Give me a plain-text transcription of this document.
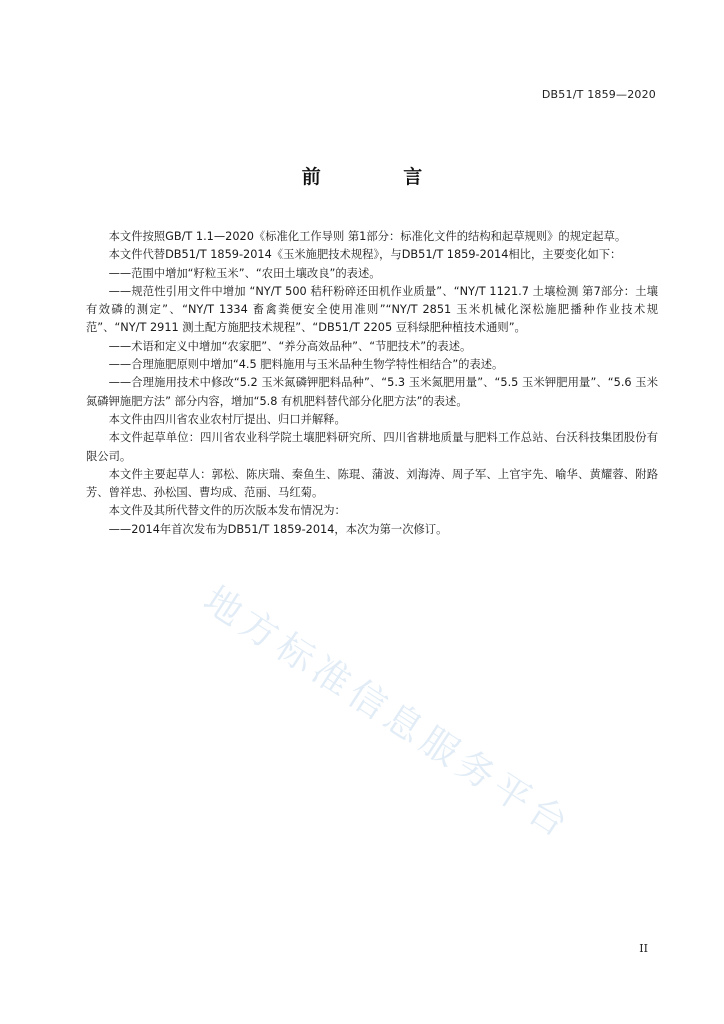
DB51/T 1859—2020
前 言

本文件按照GB/T 1.1—2020《标准化工作导则 第1部分：标准化文件的结构和起草规则》的规定起草。

本文件代替DB51/T 1859-2014《玉米施肥技术规程》，与DB51/T 1859-2014相比，主要变化如下：

——范围中增加“籽粒玉米”、“农田土壤改良”的表述。

——规范性引用文件中增加 “NY/T 500 秸秆粉碎还田机作业质量”、“NY/T 1121.7 土壤检测 第7部分：土壤有效磷的测定”、“NY/T 1334 畜禽粪便安全使用准则”“NY/T 2851 玉米机械化深松施肥播种作业技术规范”、“NY/T 2911 测土配方施肥技术规程”、“DB51/T 2205 豆科绿肥种植技术通则”。

——术语和定义中增加“农家肥”、“养分高效品种”、“节肥技术”的表述。

——合理施肥原则中增加“4.5 肥料施用与玉米品种生物学特性相结合”的表述。

——合理施用技术中修改“5.2 玉米氮磷钾肥料品种”、“5.3 玉米氮肥用量”、“5.5 玉米钾肥用量”、“5.6 玉米氮磷钾施肥方法” 部分内容，增加“5.8 有机肥料替代部分化肥方法”的表述。

本文件由四川省农业农村厅提出、归口并解释。

本文件起草单位：四川省农业科学院土壤肥料研究所、四川省耕地质量与肥料工作总站、台沃科技集团股份有限公司。

本文件主要起草人：郭松、陈庆瑞、秦鱼生、陈琨、蒲波、刘海涛、周子军、上官宇先、喻华、黄耀蓉、附路芳、曾祥忠、孙松国、曹均成、范丽、马红菊。

本文件及其所代替文件的历次版本发布情况为：

——2014年首次发布为DB51/T 1859-2014，本次为第一次修订。

地方标准信息服务平台
II
